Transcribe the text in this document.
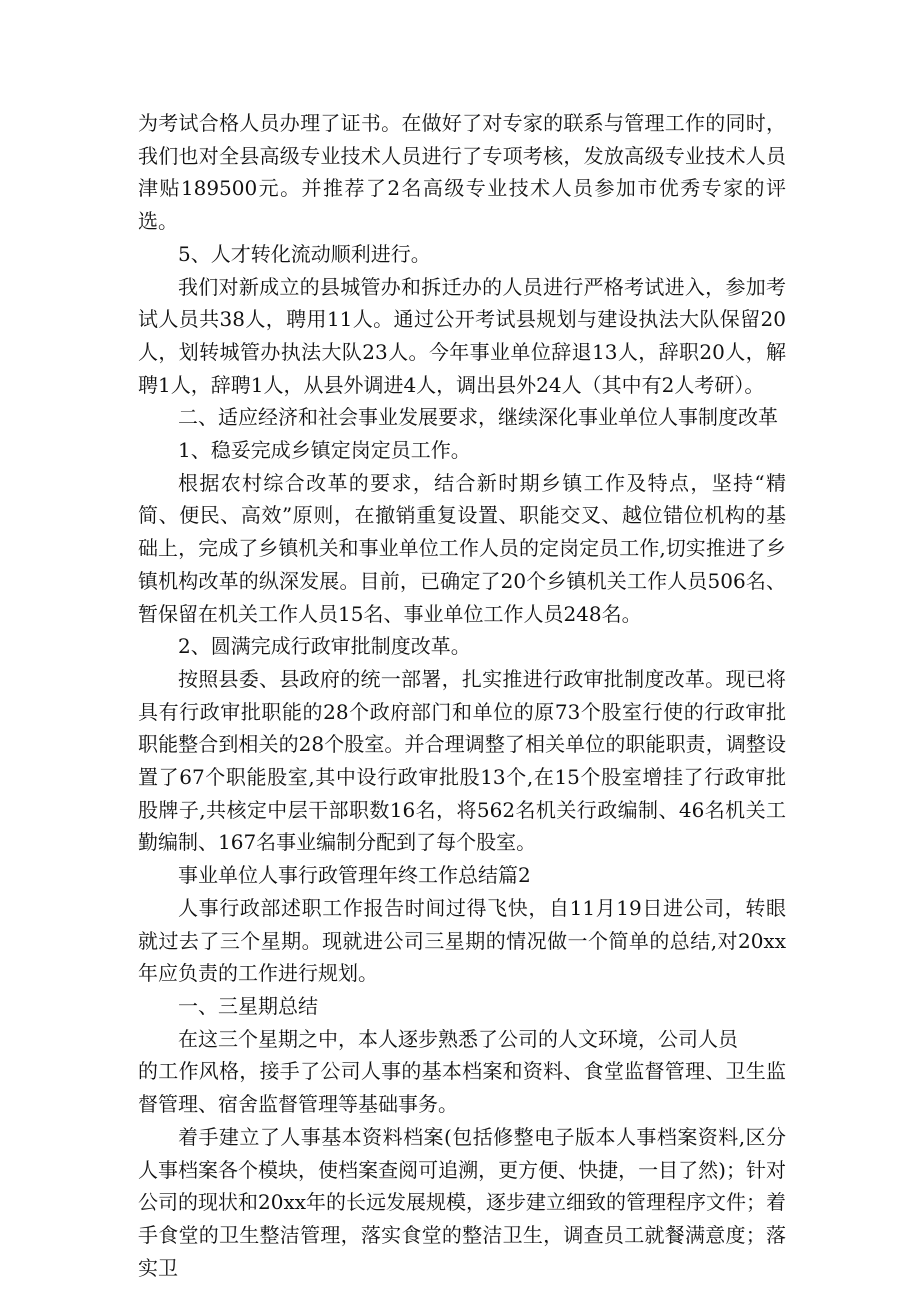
为考试合格人员办理了证书。在做好了对专家的联系与管理工作的同时，我们也对全县高级专业技术人员进行了专项考核，发放高级专业技术人员津贴189500元。并推荐了2名高级专业技术人员参加市优秀专家的评选。

5、人才转化流动顺利进行。

我们对新成立的县城管办和拆迁办的人员进行严格考试进入，参加考试人员共38人，聘用11人。通过公开考试县规划与建设执法大队保留20人，划转城管办执法大队23人。今年事业单位辞退13人，辞职20人，解聘1人，辞聘1人，从县外调进4人，调出县外24人（其中有2人考研）。

二、适应经济和社会事业发展要求，继续深化事业单位人事制度改革

1、稳妥完成乡镇定岗定员工作。

根据农村综合改革的要求，结合新时期乡镇工作及特点，坚持“精简、便民、高效”原则，在撤销重复设置、职能交叉、越位错位机构的基础上，完成了乡镇机关和事业单位工作人员的定岗定员工作,切实推进了乡镇机构改革的纵深发展。目前，已确定了20个乡镇机关工作人员506名、暂保留在机关工作人员15名、事业单位工作人员248名。

2、圆满完成行政审批制度改革。

按照县委、县政府的统一部署，扎实推进行政审批制度改革。现已将具有行政审批职能的28个政府部门和单位的原73个股室行使的行政审批职能整合到相关的28个股室。并合理调整了相关单位的职能职责，调整设置了67个职能股室,其中设行政审批股13个,在15个股室增挂了行政审批股牌子,共核定中层干部职数16名，将562名机关行政编制、46名机关工勤编制、167名事业编制分配到了每个股室。

事业单位人事行政管理年终工作总结篇2

人事行政部述职工作报告时间过得飞快，自11月19日进公司，转眼就过去了三个星期。现就进公司三星期的情况做一个简单的总结,对20xx年应负责的工作进行规划。

一、三星期总结

在这三个星期之中，本人逐步熟悉了公司的人文环境，公司人员

的工作风格，接手了公司人事的基本档案和资料、食堂监督管理、卫生监督管理、宿舍监督管理等基础事务。

着手建立了人事基本资料档案(包括修整电子版本人事档案资料,区分人事档案各个模块，使档案查阅可追溯，更方便、快捷，一目了然)；针对公司的现状和20xx年的长远发展规模，逐步建立细致的管理程序文件；着手食堂的卫生整洁管理，落实食堂的整洁卫生，调查员工就餐满意度；落实卫
